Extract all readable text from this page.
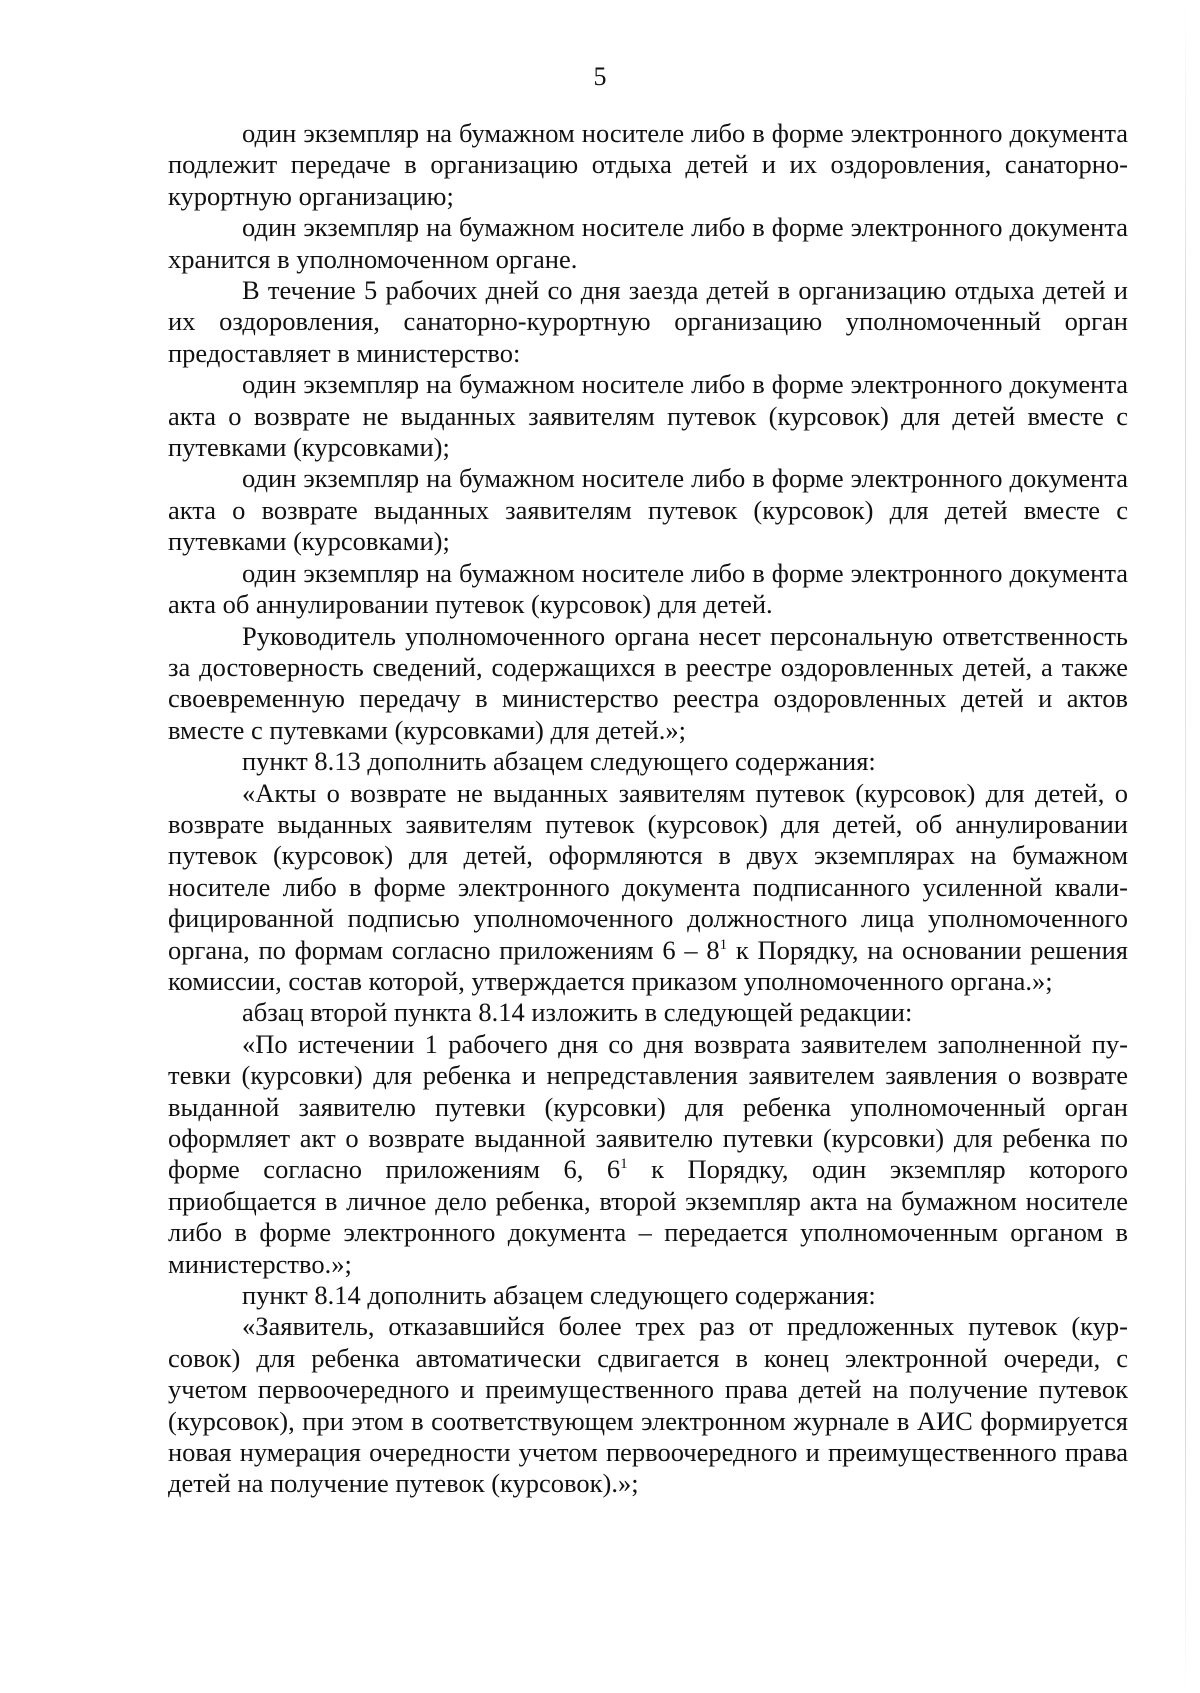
5

один экземпляр на бумажном носителе либо в форме электронного документа подлежит передаче в организацию отдыха детей и их оздоровления, санаторно-курортную организацию;

один экземпляр на бумажном носителе либо в форме электронного документа хранится в уполномоченном органе.

В течение 5 рабочих дней со дня заезда детей в организацию отдыха детей и их оздоровления, санаторно-курортную организацию уполномоченный орган предоставляет в министерство:

один экземпляр на бумажном носителе либо в форме электронного документа акта о возврате не выданных заявителям путевок (курсовок) для детей вместе с путевками (курсовками);

один экземпляр на бумажном носителе либо в форме электронного документа акта о возврате выданных заявителям путевок (курсовок) для детей вместе с путевками (курсовками);

один экземпляр на бумажном носителе либо в форме электронного документа акта об аннулировании путевок (курсовок) для детей.

Руководитель уполномоченного органа несет персональную ответственность за достоверность сведений, содержащихся в реестре оздоровленных детей, а также своевременную передачу в министерство реестра оздоровленных детей и актов вместе с путевками (курсовками) для детей.»;

пункт 8.13 дополнить абзацем следующего содержания:

«Акты о возврате не выданных заявителям путевок (курсовок) для детей, о возврате выданных заявителям путевок (курсовок) для детей, об аннулировании путевок (курсовок) для детей, оформляются в двух экземплярах на бумажном носителе либо в форме электронного документа подписанного усиленной квалифицированной подписью уполномоченного должностного лица уполномоченного органа, по формам согласно приложениям $6 - 8^1$ к Порядку, на основании решения комиссии, состав которой, утверждается приказом уполномоченного органа.»;

абзац второй пункта 8.14 изложить в следующей редакции:

«По истечении 1 рабочего дня со дня возврата заявителем заполненной путевки (курсовки) для ребенка и непредставления заявителем заявления о возврате выданной заявителю путевки (курсовки) для ребенка уполномоченный орган оформляет акт о возврате выданной заявителю путевки (курсовки) для ребенка по форме согласно приложениям 6, $6^1$ к Порядку, один экземпляр которого приобщается в личное дело ребенка, второй экземпляр акта на бумажном носителе либо в форме электронного документа – передается уполномоченным органом в министерство.»;

пункт 8.14 дополнить абзацем следующего содержания:

«Заявитель, отказавшийся более трех раз от предложенных путевок (курсовок) для ребенка автоматически сдвигается в конец электронной очереди, с учетом первоочередного и преимущественного права детей на получение путевок (курсовок), при этом в соответствующем электронном журнале в АИС формируется новая нумерация очередности учетом первоочередного и преимущественного права детей на получение путевок (курсовок).»;
